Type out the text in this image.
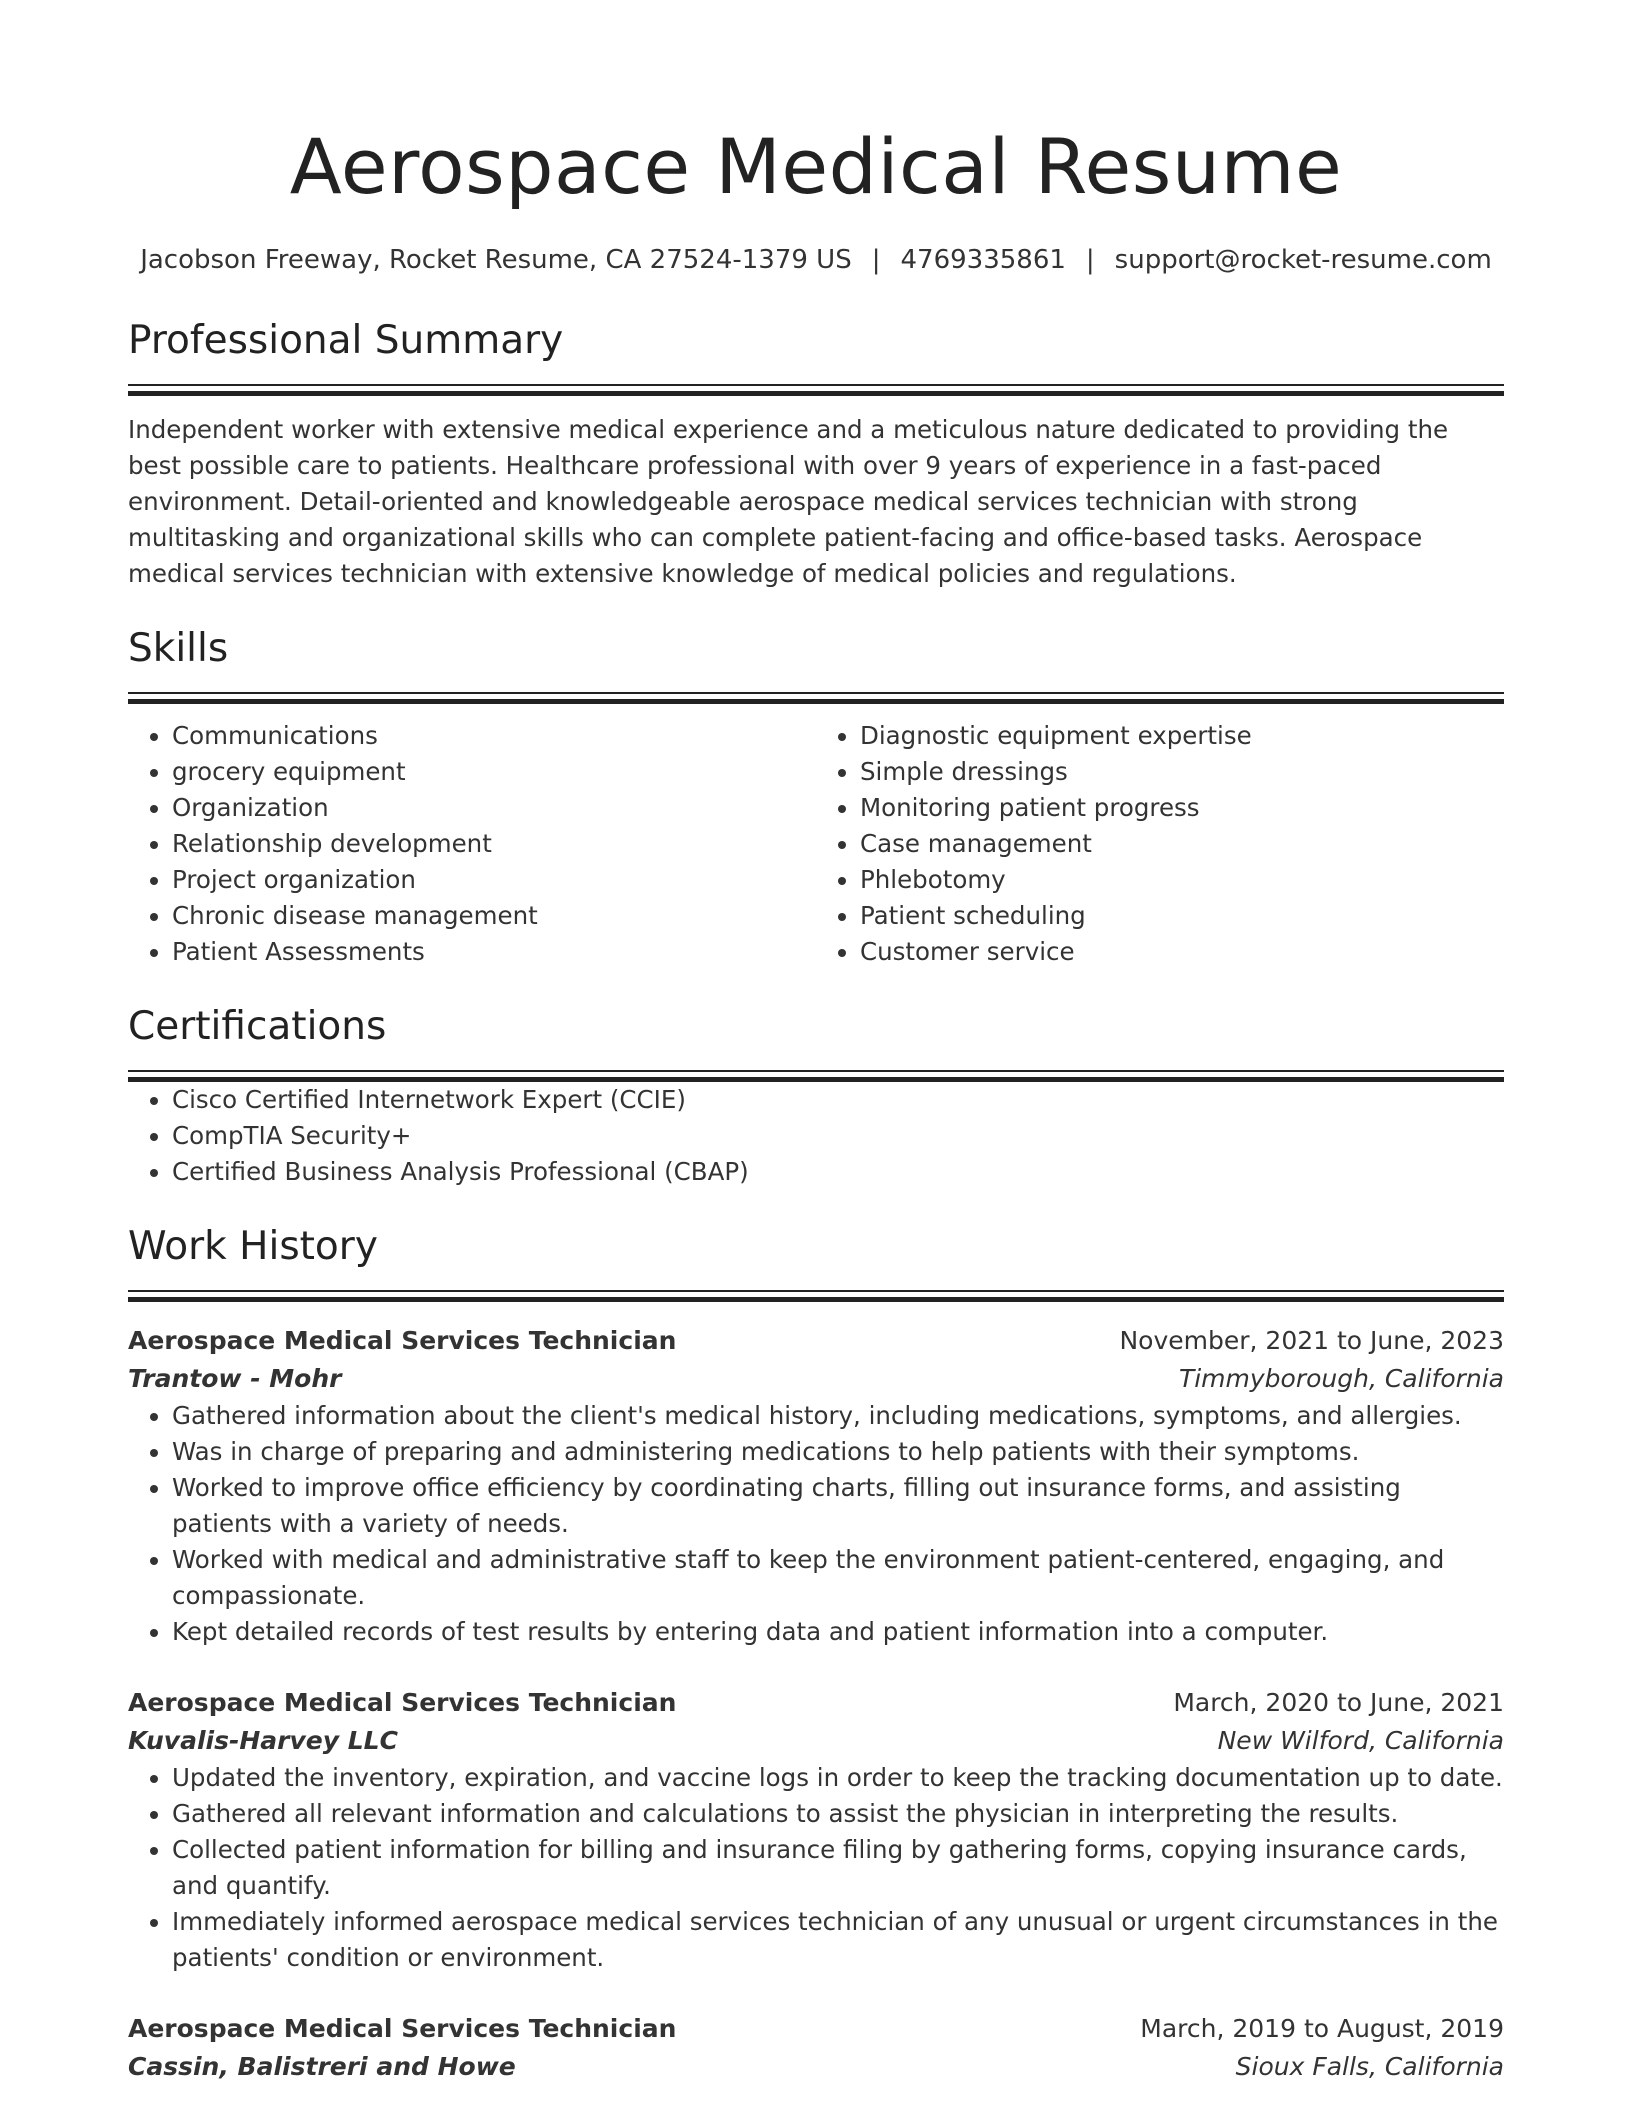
Aerospace Medical Resume
Jacobson Freeway, Rocket Resume, CA 27524-1379 US | 4769335861 | support@rocket-resume.com
Professional Summary
Independent worker with extensive medical experience and a meticulous nature dedicated to providing the best possible care to patients. Healthcare professional with over 9 years of experience in a fast-paced environment. Detail-oriented and knowledgeable aerospace medical services technician with strong multitasking and organizational skills who can complete patient-facing and office-based tasks. Aerospace medical services technician with extensive knowledge of medical policies and regulations.
Skills
• Communications
• grocery equipment
• Organization
• Relationship development
• Project organization
• Chronic disease management
• Patient Assessments
• Diagnostic equipment expertise
• Simple dressings
• Monitoring patient progress
• Case management
• Phlebotomy
• Patient scheduling
• Customer service
Certifications
• Cisco Certified Internetwork Expert (CCIE)
• CompTIA Security+
• Certified Business Analysis Professional (CBAP)
Work History
Aerospace Medical Services Technician	November, 2021 to June, 2023
Trantow - Mohr	Timmyborough, California
• Gathered information about the client's medical history, including medications, symptoms, and allergies.
• Was in charge of preparing and administering medications to help patients with their symptoms.
• Worked to improve office efficiency by coordinating charts, filling out insurance forms, and assisting patients with a variety of needs.
• Worked with medical and administrative staff to keep the environment patient-centered, engaging, and compassionate.
• Kept detailed records of test results by entering data and patient information into a computer.
Aerospace Medical Services Technician	March, 2020 to June, 2021
Kuvalis-Harvey LLC	New Wilford, California
• Updated the inventory, expiration, and vaccine logs in order to keep the tracking documentation up to date.
• Gathered all relevant information and calculations to assist the physician in interpreting the results.
• Collected patient information for billing and insurance filing by gathering forms, copying insurance cards, and quantify.
• Immediately informed aerospace medical services technician of any unusual or urgent circumstances in the patients' condition or environment.
Aerospace Medical Services Technician	March, 2019 to August, 2019
Cassin, Balistreri and Howe	Sioux Falls, California
